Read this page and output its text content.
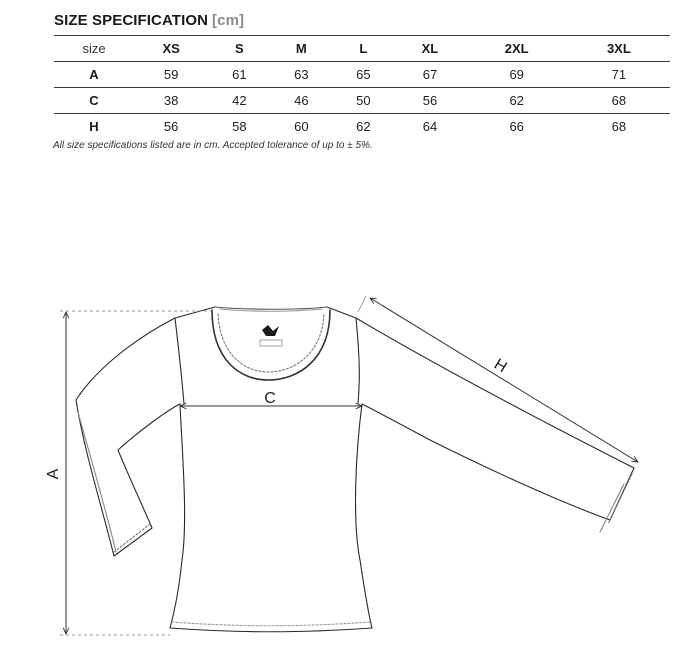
SIZE SPECIFICATION [cm]
size	XS	S	M	L	XL	2XL	3XL
A	59	61	63	65	67	69	71
C	38	42	46	50	56	62	68
H	56	58	60	62	64	66	68
All size specifications listed are in cm. Accepted tolerance of up to ± 5%.
A
C
H
